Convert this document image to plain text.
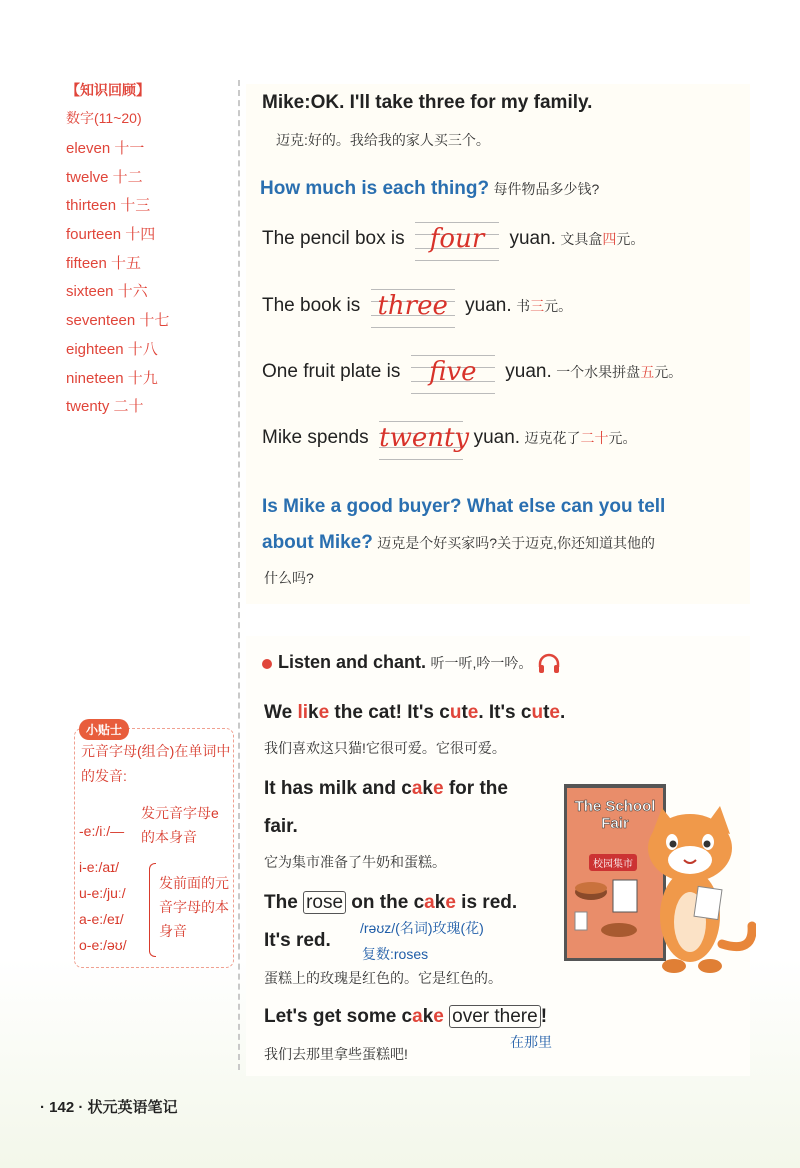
【知识回顾】
数字(11~20)
eleven 十一
twelve 十二
thirteen 十三
fourteen 十四
fifteen 十五
sixteen 十六
seventeen 十七
eighteen 十八
nineteen 十九
twenty 二十
小贴士
元音字母(组合)在单词中的发音:
-e:/iː/—
发元音字母e的本身音
i-e:/aɪ/
u-e:/juː/
a-e:/eɪ/
o-e:/əʊ/
发前面的元音字母的本身音
Mike:OK. I'll take three for my family.
迈克:好的。我给我的家人买三个。
How much is each thing? 每件物品多少钱?
The pencil box is four	yuan. 文具盒四元。
The book is three yuan. 书三元。
One fruit plate is	five	yuan. 一个水果拼盘五元。
Mike spends twenty yuan. 迈克花了二十元。
Is Mike a good buyer? What else can you tell
about Mike? 迈克是个好买家吗?关于迈克,你还知道其他的
什么吗?
Listen and chant. 听一听,吟一吟。
We like the cat! It's cute. It's cute.
我们喜欢这只猫!它很可爱。它很可爱。
It has milk and cake for the
fair.
它为集市准备了牛奶和蛋糕。
The rose on the cake is red.
It's red.
/rəʊz/(名词)玫瑰(花)
复数:roses
蛋糕上的玫瑰是红色的。它是红色的。
Let's get some cake over there !
在那里
我们去那里拿些蛋糕吧!
The School Fair
校园集市
· 142 · 状元英语笔记
